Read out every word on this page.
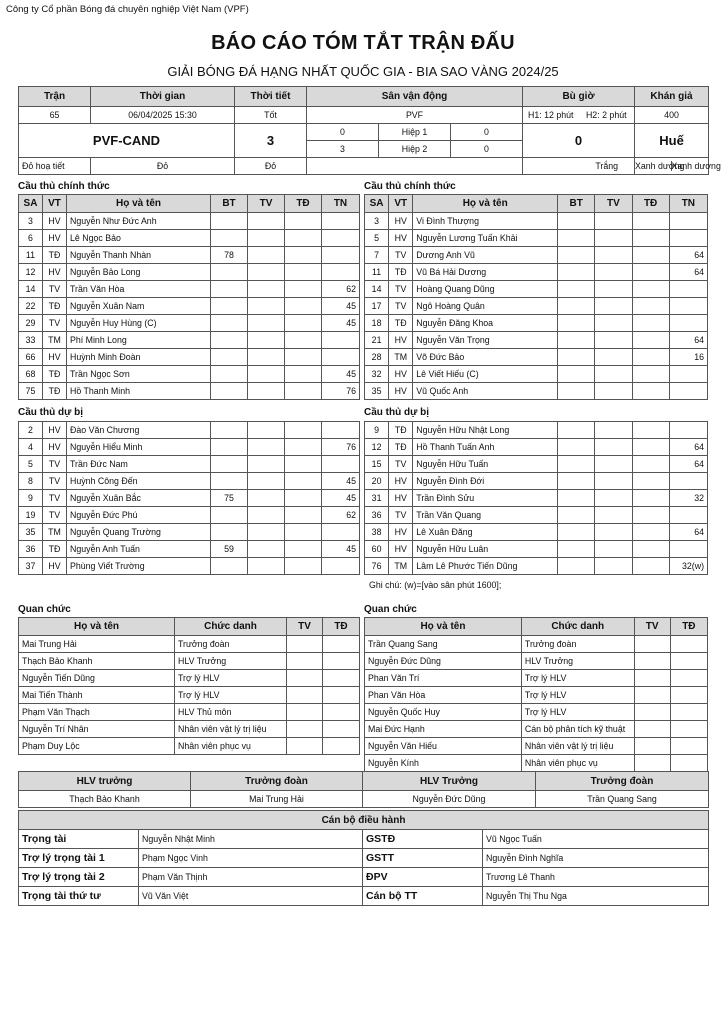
Công ty Cổ phần Bóng đá chuyên nghiệp Việt Nam (VPF)
BÁO CÁO TÓM TẮT TRẬN ĐẤU
GIẢI BÓNG ĐÁ HẠNG NHẤT QUỐC GIA - BIA SAO VÀNG 2024/25
Trận	Thời gian	Thời tiết	Sân vận động			Bù giờ	Khán giả
65	06/04/2025 15:30	Tốt	PVF			H1: 12 phút H2: 2 phút	400
PVF-CAND		3	0	Hiệp 1	0	0	Huế
			3	Hiệp 2	0		
Đỏ hoạ tiết	Đỏ	Đỏ				Trắng	Xanh dươngXanh dương
Cầu thủ chính thức	Cầu thủ chính thức
SA	VT	Họ và tên	BT	TV	TĐ	TN
3	HV	Nguyễn Như Đức Anh				
6	HV	Lê Ngọc Bảo				
11	TĐ	Nguyễn Thanh Nhàn	78			
12	HV	Nguyễn Bảo Long				
14	TV	Trần Văn Hòa				62
22	TĐ	Nguyễn Xuân Nam				45
29	TV	Nguyễn Huy Hùng (C)				45
33	TM	Phí Minh Long				
66	HV	Huỳnh Minh Đoàn				
68	TĐ	Trần Ngọc Sơn				45
75	TĐ	Hồ Thanh Minh				76
SA	VT	Họ và tên	BT	TV	TĐ	TN
3	HV	Vi Đình Thượng				
5	HV	Nguyễn Lương Tuấn Khải				
7	TV	Dương Anh Vũ				64
11	TĐ	Vũ Bá Hải Dương				64
14	TV	Hoàng Quang Dũng				
17	TV	Ngô Hoàng Quân				
18	TĐ	Nguyễn Đăng Khoa				
21	HV	Nguyễn Văn Trọng				64
28	TM	Võ Đức Bảo				16
32	HV	Lê Viết Hiếu (C)				
35	HV	Vũ Quốc Anh				
Cầu thủ dự bị	Cầu thủ dự bị
2	HV	Đào Văn Chương				
4	HV	Nguyễn Hiểu Minh				76
5	TV	Trần Đức Nam				
8	TV	Huỳnh Công Đến				45
9	TV	Nguyễn Xuân Bắc	75			45
19	TV	Nguyễn Đức Phú				62
35	TM	Nguyễn Quang Trường				
36	TĐ	Nguyễn Anh Tuấn	59			45
37	HV	Phùng Viết Trường				
9	TĐ	Nguyễn Hữu Nhật Long				
12	TĐ	Hồ Thanh Tuấn Anh				64
15	TV	Nguyễn Hữu Tuấn				64
20	HV	Nguyễn Đình Đới				
31	HV	Trần Đình Sửu				32
36	TV	Trần Văn Quang				
38	HV	Lê Xuân Đăng				64
60	HV	Nguyễn Hữu Luân				
76	TM	Lâm Lê Phước Tiến Dũng				32(w)
Ghi chú: (w)=[vào sân phút 1600];
Quan chức	Quan chức
Họ và tên	Chức danh	TV	TĐ
Mai Trung Hải	Trưởng đoàn		
Thạch Bảo Khanh	HLV Trưởng		
Nguyễn Tiến Dũng	Trợ lý HLV		
Mai Tiến Thành	Trợ lý HLV		
Phạm Văn Thạch	HLV Thủ môn		
Nguyễn Trí Nhân	Nhân viên vật lý trị liệu		
Phạm Duy Lộc	Nhân viên phục vụ		
Họ và tên	Chức danh	TV	TĐ
Trần Quang Sang	Trưởng đoàn		
Nguyễn Đức Dũng	HLV Trưởng		
Phan Văn Trí	Trợ lý HLV		
Phan Văn Hòa	Trợ lý HLV		
Nguyễn Quốc Huy	Trợ lý HLV		
Mai Đức Hạnh	Cán bộ phân tích kỹ thuật		
Nguyễn Văn Hiếu	Nhân viên vật lý trị liệu		
Nguyễn Kính	Nhân viên phục vụ		
HLV trưởng	Trưởng đoàn	HLV Trưởng	Trưởng đoàn
Thạch Bảo Khanh	Mai Trung Hải	Nguyễn Đức Dũng	Trần Quang Sang
Cán bộ điều hành			
Trọng tài	Nguyễn Nhật Minh	GSTĐ	Vũ Ngọc Tuấn
Trợ lý trọng tài 1	Phạm Ngọc Vinh	GSTT	Nguyễn Đình Nghĩa
Trợ lý trọng tài 2	Phạm Văn Thịnh	ĐPV	Trương Lê Thanh
Trọng tài thứ tư	Vũ Văn Việt	Cán bộ TT	Nguyễn Thị Thu Nga
